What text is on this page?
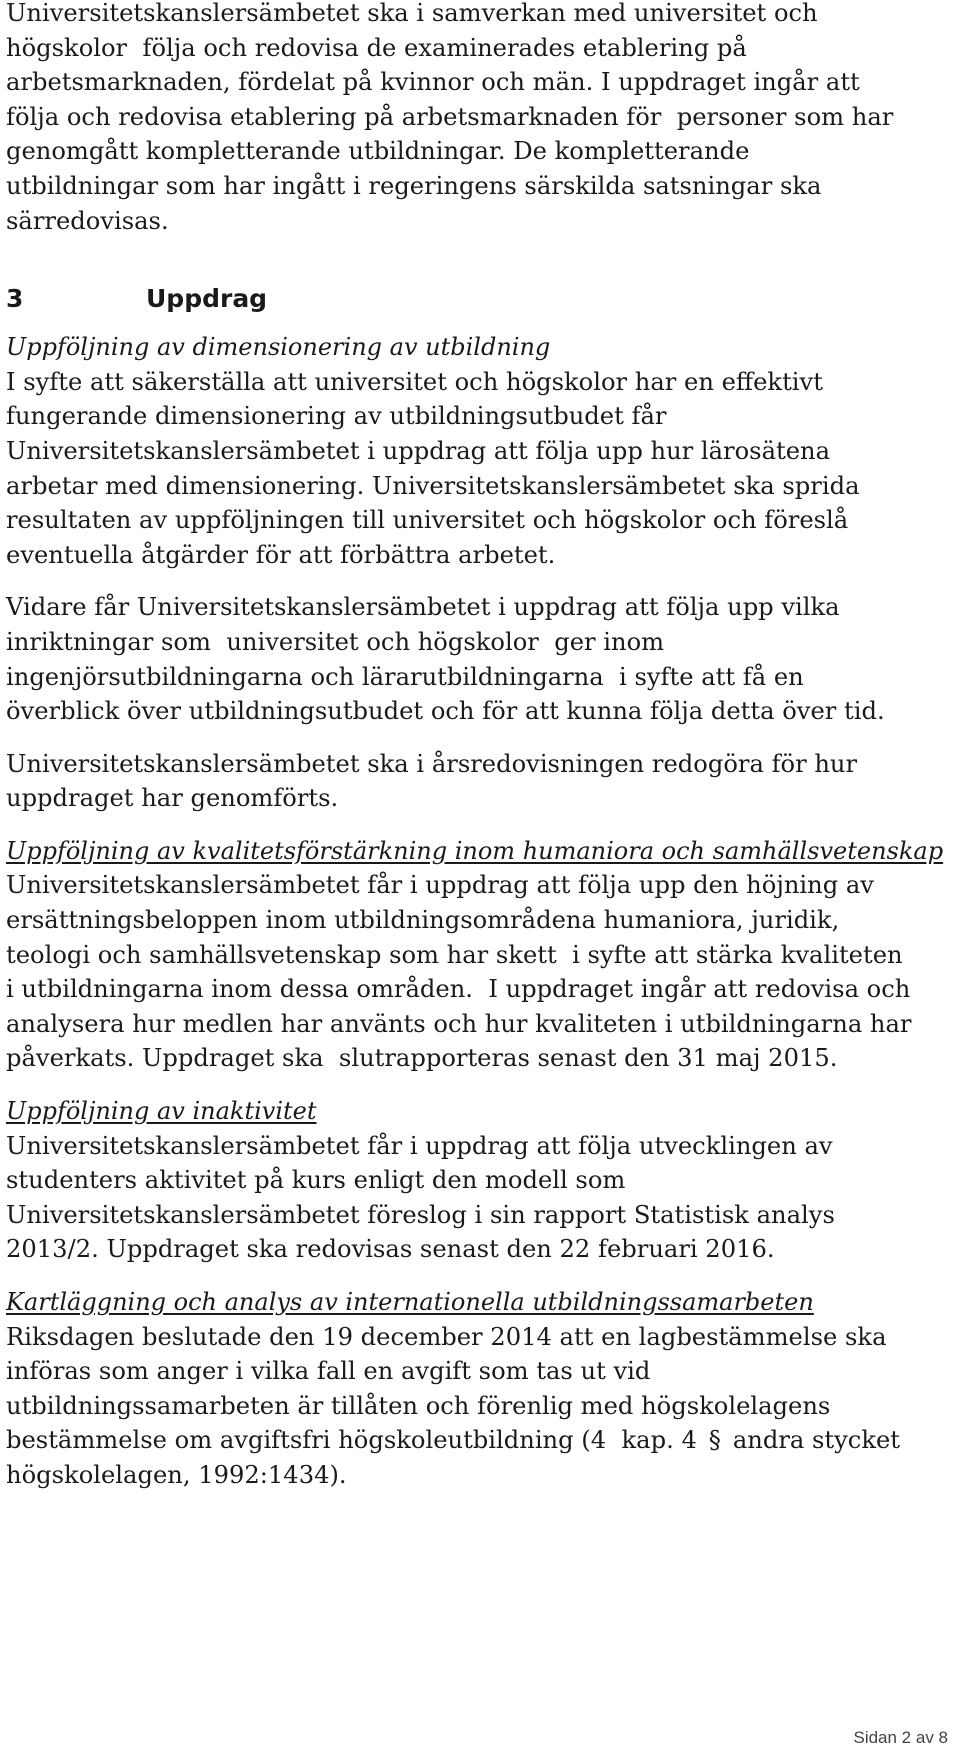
Universitetskanslersämbetet ska i samverkan med universitet och
högskolor  följa och redovisa de examinerades etablering på
arbetsmarknaden, fördelat på kvinnor och män. I uppdraget ingår att
följa och redovisa etablering på arbetsmarknaden för  personer som har
genomgått kompletterande utbildningar. De kompletterande
utbildningar som har ingått i regeringens särskilda satsningar ska
särredovisas.

3	Uppdrag
Uppföljning av dimensionering av utbildning

I syfte att säkerställa att universitet och högskolor har en effektivt
fungerande dimensionering av utbildningsutbudet får
Universitetskanslersämbetet i uppdrag att följa upp hur lärosätena
arbetar med dimensionering. Universitetskanslersämbetet ska sprida
resultaten av uppföljningen till universitet och högskolor och föreslå
eventuella åtgärder för att förbättra arbetet.

Vidare får Universitetskanslersämbetet i uppdrag att följa upp vilka
inriktningar som  universitet och högskolor  ger inom
ingenjörsutbildningarna och lärarutbildningarna  i syfte att få en
överblick över utbildningsutbudet och för att kunna följa detta över tid.

Universitetskanslersämbetet ska i årsredovisningen redogöra för hur
uppdraget har genomförts.

Uppföljning av kvalitetsförstärkning inom humaniora och samhällsvetenskap

Universitetskanslersämbetet får i uppdrag att följa upp den höjning av
ersättningsbeloppen inom utbildningsområdena humaniora, juridik,
teologi och samhällsvetenskap som har skett  i syfte att stärka kvaliteten
i utbildningarna inom dessa områden.  I uppdraget ingår att redovisa och
analysera hur medlen har använts och hur kvaliteten i utbildningarna har
påverkats. Uppdraget ska  slutrapporteras senast den 31 maj 2015.

Uppföljning av inaktivitet

Universitetskanslersämbetet får i uppdrag att följa utvecklingen av
studenters aktivitet på kurs enligt den modell som
Universitetskanslersämbetet föreslog i sin rapport Statistisk analys
2013/2. Uppdraget ska redovisas senast den 22 februari 2016.

Kartläggning och analys av internationella utbildningssamarbeten

Riksdagen beslutade den 19 december 2014 att en lagbestämmelse ska
införas som anger i vilka fall en avgift som tas ut vid
utbildningssamarbeten är tillåten och förenlig med högskolelagens
bestämmelse om avgiftsfri högskoleutbildning (4  kap. 4 § andra stycket
högskolelagen, 1992:1434).

Sidan 2 av 8
